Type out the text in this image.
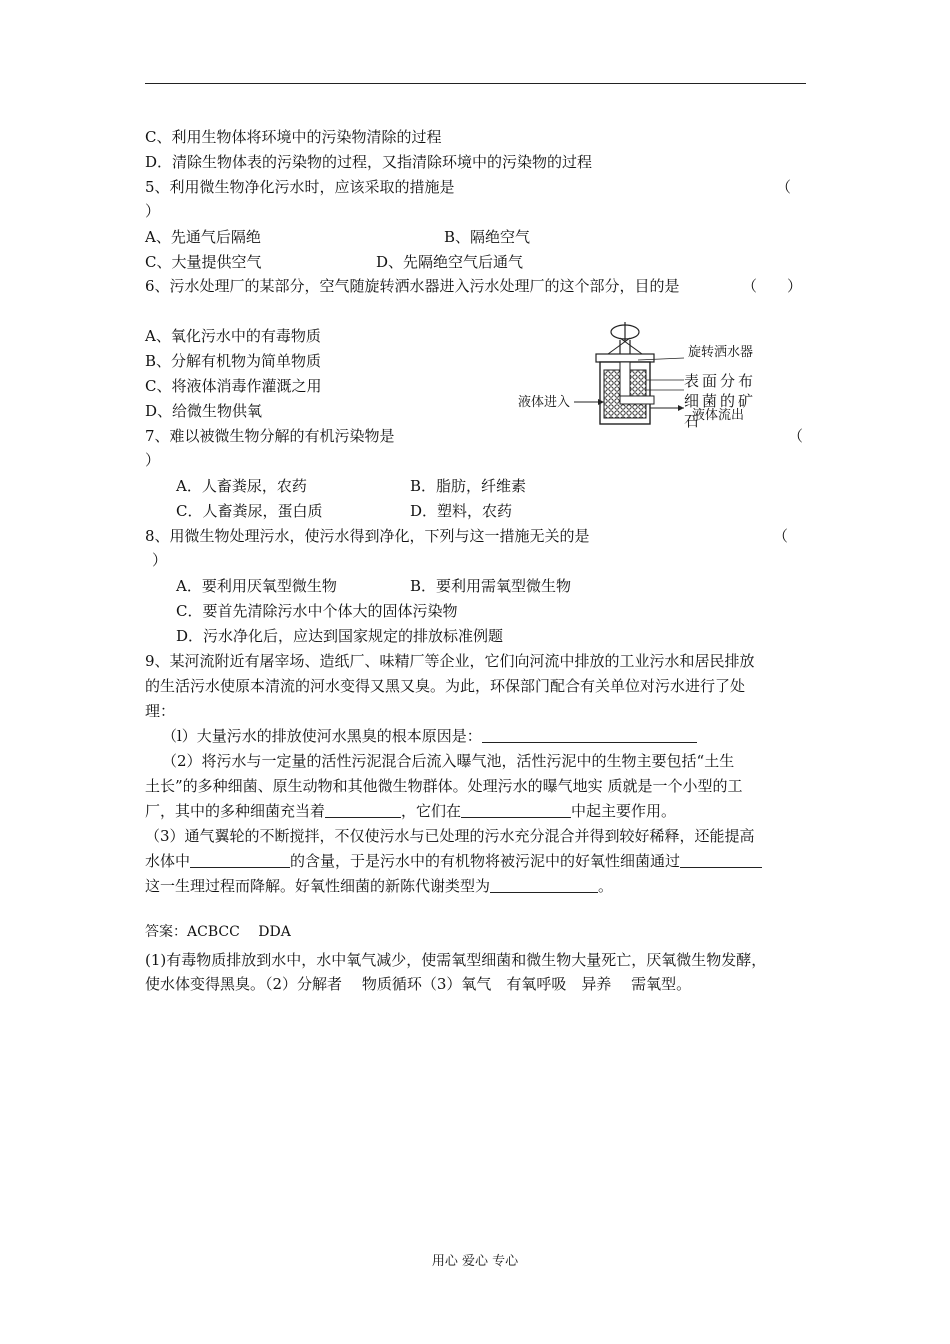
C、利用生物体将环境中的污染物清除的过程
D．清除生物体表的污染物的过程，又指清除环境中的污染物的过程
5、利用微生物净化污水时，应该采取的措施是	（
）
A、先通气后隔绝	B、隔绝空气
C、大量提供空气	D、先隔绝空气后通气
6、污水处理厂的某部分，空气随旋转洒水器进入污水处理厂的这个部分，目的是	（　　）
A、氧化污水中的有毒物质
B、分解有机物为简单物质
C、将液体消毒作灌溉之用
D、给微生物供氧
旋转洒水器
表面分布
细菌的矿
石
液体进入
液体流出
7、难以被微生物分解的有机污染物是	（
）
A．人畜粪尿，农药	B．脂肪，纤维素
C．人畜粪尿，蛋白质	D．塑料，农药
8、用微生物处理污水，使污水得到净化，下列与这一措施无关的是	（
）
A．要利用厌氧型微生物	B．要利用需氧型微生物
C．要首先清除污水中个体大的固体污染物
D．污水净化后，应达到国家规定的排放标准例题
9、某河流附近有屠宰场、造纸厂、味精厂等企业，它们向河流中排放的工业污水和居民排放
的生活污水使原本清流的河水变得又黑又臭。为此，环保部门配合有关单位对污水进行了处
理：
（l）大量污水的排放使河水黑臭的根本原因是：
（2）将污水与一定量的活性污泥混合后流入曝气池，活性污泥中的生物主要包括“土生
土长”的多种细菌、原生动物和其他微生物群体。处理污水的曝气地实 质就是一个小型的工
厂，其中的多种细菌充当着	，它们在	中起主要作用。
（3）通气翼轮的不断搅拌，不仅使污水与已处理的污水充分混合并得到较好稀释，还能提高
水体中	的含量，于是污水中的有机物将被污泥中的好氧性细菌通过
这一生理过程而降解。好氧性细菌的新陈代谢类型为	。
答案：ACBCC　 DDA
(1)有毒物质排放到水中，水中氧气减少，使需氧型细菌和微生物大量死亡，厌氧微生物发酵，
使水体变得黑臭。（2）分解者　 物质循环（3）氧气　有氧呼吸　异养　 需氧型。
用心 爱心 专心
